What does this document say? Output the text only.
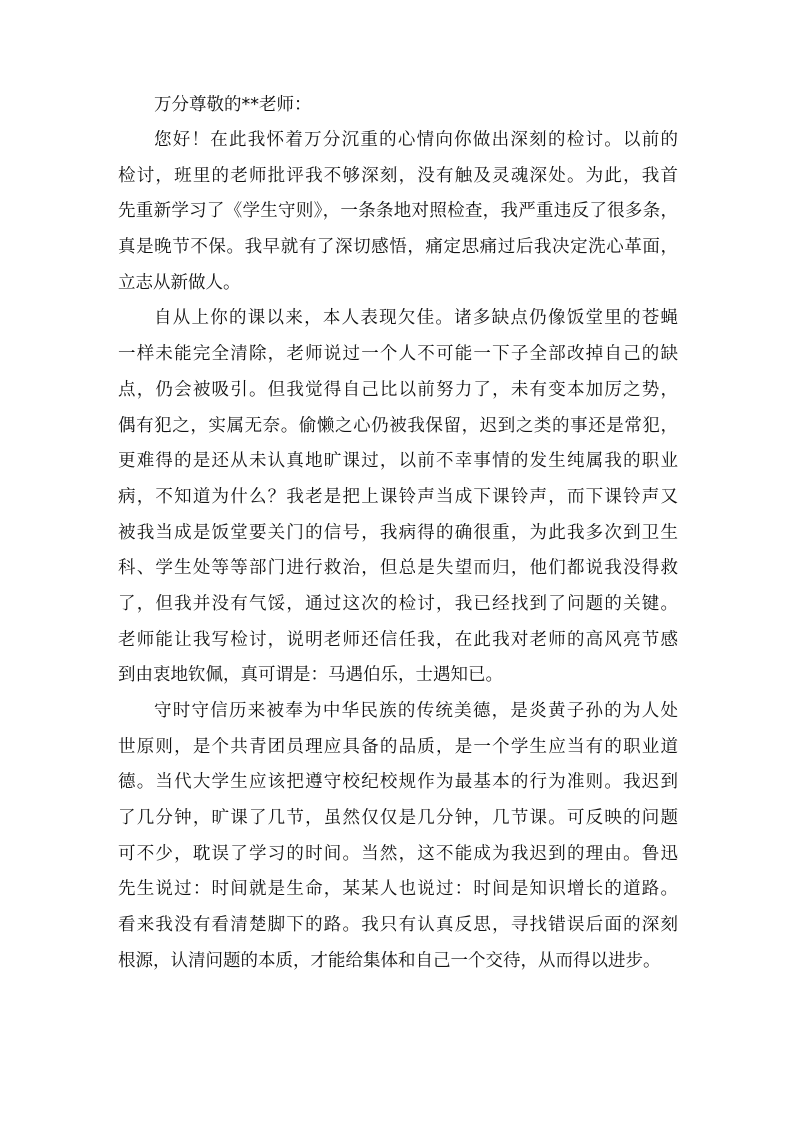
万分尊敬的**老师：

您好！在此我怀着万分沉重的心情向你做出深刻的检讨。以前的
检讨，班里的老师批评我不够深刻，没有触及灵魂深处。为此，我首
先重新学习了《学生守则》，一条条地对照检查，我严重违反了很多条，
真是晚节不保。我早就有了深切感悟，痛定思痛过后我决定洗心革面，
立志从新做人。
自从上你的课以来，本人表现欠佳。诸多缺点仍像饭堂里的苍蝇
一样未能完全清除，老师说过一个人不可能一下子全部改掉自己的缺
点，仍会被吸引。但我觉得自己比以前努力了，未有变本加厉之势，
偶有犯之，实属无奈。偷懒之心仍被我保留，迟到之类的事还是常犯，
更难得的是还从未认真地旷课过，以前不幸事情的发生纯属我的职业
病，不知道为什么？我老是把上课铃声当成下课铃声，而下课铃声又
被我当成是饭堂要关门的信号，我病得的确很重，为此我多次到卫生
科、学生处等等部门进行救治，但总是失望而归，他们都说我没得救
了，但我并没有气馁，通过这次的检讨，我已经找到了问题的关键。
老师能让我写检讨，说明老师还信任我，在此我对老师的高风亮节感
到由衷地钦佩，真可谓是：马遇伯乐，士遇知已。
守时守信历来被奉为中华民族的传统美德，是炎黄子孙的为人处
世原则，是个共青团员理应具备的品质，是一个学生应当有的职业道
德。当代大学生应该把遵守校纪校规作为最基本的行为准则。我迟到
了几分钟，旷课了几节，虽然仅仅是几分钟，几节课。可反映的问题
可不少，耽误了学习的时间。当然，这不能成为我迟到的理由。鲁迅
先生说过：时间就是生命，某某人也说过：时间是知识增长的道路。
看来我没有看清楚脚下的路。我只有认真反思，寻找错误后面的深刻
根源，认清问题的本质，才能给集体和自己一个交待，从而得以进步。
